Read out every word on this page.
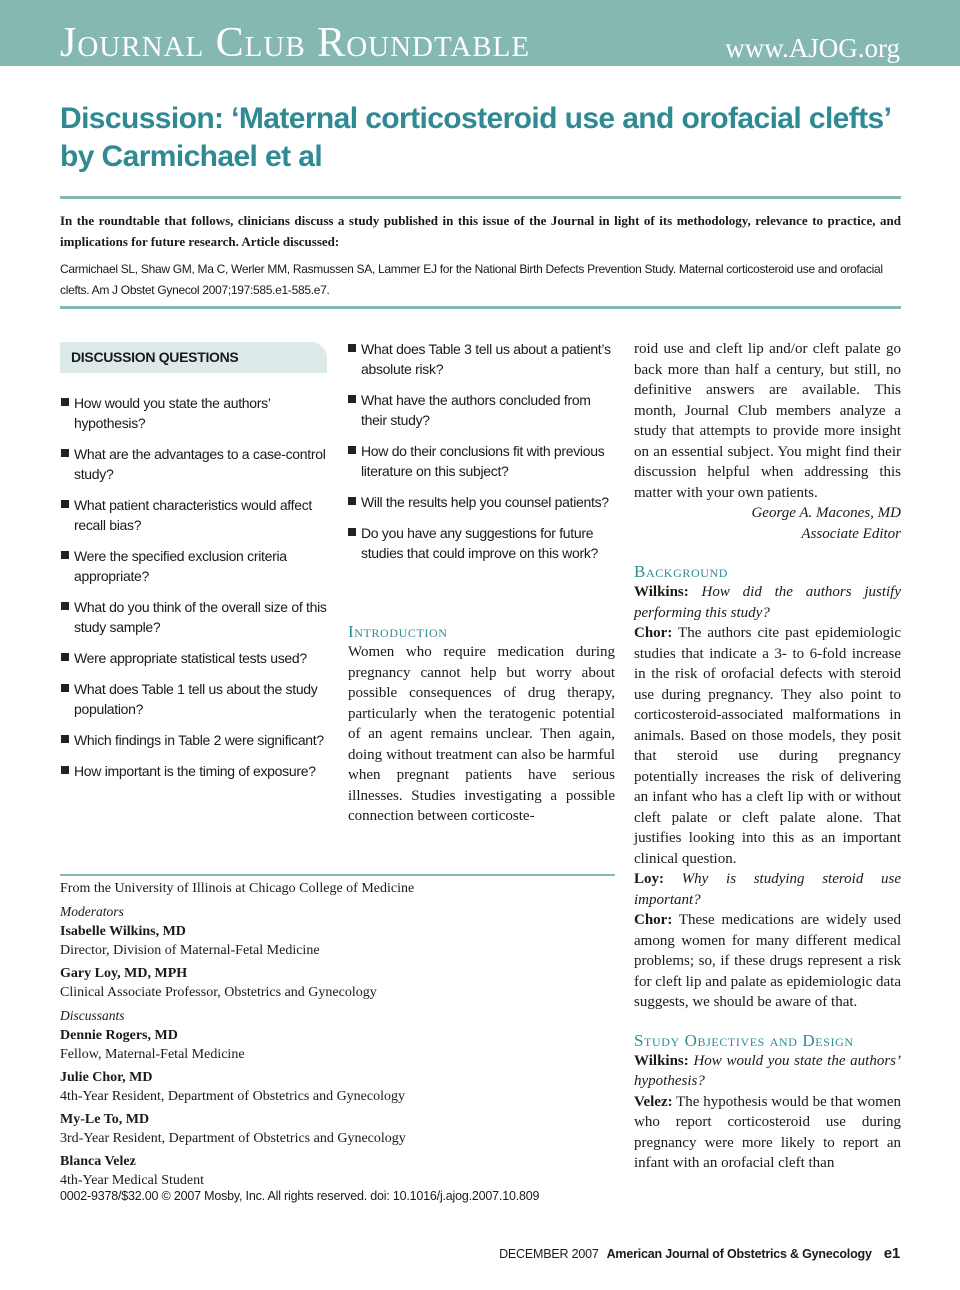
Journal Club Roundtable	www.AJOG.org
Discussion: ‘Maternal corticosteroid use and orofacial clefts’ by Carmichael et al
In the roundtable that follows, clinicians discuss a study published in this issue of the Journal in light of its methodology, relevance to practice, and implications for future research. Article discussed:
Carmichael SL, Shaw GM, Ma C, Werler MM, Rasmussen SA, Lammer EJ for the National Birth Defects Prevention Study. Maternal corticosteroid use and orofacial clefts. Am J Obstet Gynecol 2007;197:585.e1-585.e7.
DISCUSSION QUESTIONS
How would you state the authors’ hypothesis?
What are the advantages to a case-control study?
What patient characteristics would affect recall bias?
Were the specified exclusion criteria appropriate?
What do you think of the overall size of this study sample?
Were appropriate statistical tests used?
What does Table 1 tell us about the study population?
Which findings in Table 2 were significant?
How important is the timing of exposure?
What does Table 3 tell us about a patient’s absolute risk?
What have the authors concluded from their study?
How do their conclusions fit with previous literature on this subject?
Will the results help you counsel patients?
Do you have any suggestions for future studies that could improve on this work?
Introduction
Women who require medication during pregnancy cannot help but worry about possible consequences of drug therapy, particularly when the teratogenic potential of an agent remains unclear. Then again, doing without treatment can also be harmful when pregnant patients have serious illnesses. Studies investigating a possible connection between corticoste-

roid use and cleft lip and/or cleft palate go back more than half a century, but still, no definitive answers are available. This month, Journal Club members analyze a study that attempts to provide more insight on an essential subject. You might find their discussion helpful when addressing this matter with your own patients.

George A. Macones, MD
Associate Editor
Background

Wilkins: How did the authors justify performing this study?

Chor: The authors cite past epidemiologic studies that indicate a 3- to 6-fold increase in the risk of orofacial defects with steroid use during pregnancy. They also point to corticosteroid-associated malformations in animals. Based on those models, they posit that steroid use during pregnancy potentially increases the risk of delivering an infant who has a cleft lip with or without cleft palate or cleft palate alone. That justifies looking into this as an important clinical question.

Loy: Why is studying steroid use important?

Chor: These medications are widely used among women for many different medical problems; so, if these drugs represent a risk for cleft lip and palate as epidemiologic data suggests, we should be aware of that.

Study Objectives and Design

Wilkins: How would you state the authors’ hypothesis?

Velez: The hypothesis would be that women who report corticosteroid use during pregnancy were more likely to report an infant with an orofacial cleft than

From the University of Illinois at Chicago College of Medicine
Moderators
Isabelle Wilkins, MD
Director, Division of Maternal-Fetal Medicine
Gary Loy, MD, MPH
Clinical Associate Professor, Obstetrics and Gynecology
Discussants
Dennie Rogers, MD
Fellow, Maternal-Fetal Medicine
Julie Chor, MD
4th-Year Resident, Department of Obstetrics and Gynecology
My-Le To, MD
3rd-Year Resident, Department of Obstetrics and Gynecology
Blanca Velez
4th-Year Medical Student
0002-9378/$32.00 © 2007 Mosby, Inc. All rights reserved. doi: 10.1016/j.ajog.2007.10.809
DECEMBER 2007 American Journal of Obstetrics & Gynecology e1
